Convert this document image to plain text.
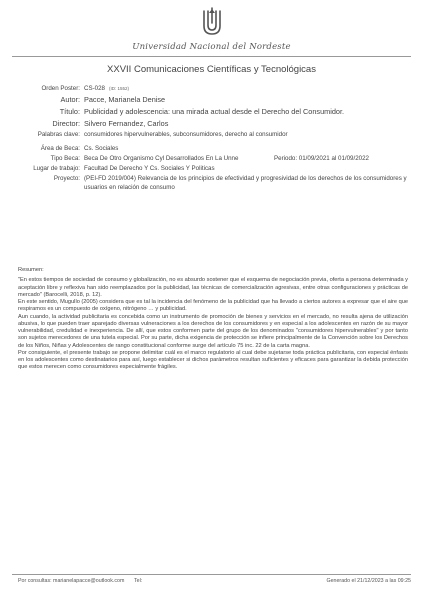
Universidad Nacional del Nordeste
XXVII Comunicaciones Científicas y Tecnológicas
Orden Poster: CS-028 (ID: 1552)
Autor: Pacce, Marianela Denise
Título: Publicidad y adolescencia: una mirada actual desde el Derecho del Consumidor.
Director: Silvero Fernandez, Carlos
Palabras clave: consumidores hipervulnerables, subconsumidores, derecho al consumidor
Área de Beca: Cs. Sociales
Tipo Beca: Beca De Otro Organismo Cyl Desarrollados En La Unne	Periodo: 01/09/2021 al 01/09/2022
Lugar de trabajo: Facultad De Derecho Y Cs. Sociales Y Politicas
Proyecto: (PEI-FD 2019/004) Relevancia de los principios de efectividad y progresividad de los derechos de los consumidores y usuarios en relación de consumo

Resumen:

"En estos tiempos de sociedad de consumo y globalización, no es absurdo sostener que el esquema de negociación previa, oferta a persona determinada y aceptación libre y reflexiva han sido reemplazados por la publicidad, las técnicas de comercialización agresivas, entre otras configuraciones y prácticas de mercado" (Barocelli, 2018, p. 12).

En este sentido, Mugullo (2005) considera que es tal la incidencia del fenómeno de la publicidad que ha llevado a ciertos autores a expresar que el aire que respiramos es un compuesto de oxígeno, nitrógeno … y publicidad.

Aun cuando, la actividad publicitaria es concebida como un instrumento de promoción de bienes y servicios en el mercado, no resulta ajena de utilización abusiva, lo que pueden traer aparejado diversas vulneraciones a los derechos de los consumidores y en especial a los adolescentes en razón de su mayor vulnerabilidad, credulidad e inexperiencia. De allí, que estos conformen parte del grupo de los denominados "consumidores hipervulnerables" y por tanto son sujetos merecedores de una tutela especial. Por su parte, dicha exigencia de protección se infiere principalmente de la Convención sobre los Derechos de los Niños, Niñas y Adolescentes de rango constitucional conforme surge del artículo 75 inc. 22 de la carta magna.

Por consiguiente, el presente trabajo se propone delimitar cuál es el marco regulatorio al cual debe sujetarse toda práctica publicitaria, con especial énfasis en los adolescentes como destinatarios para así, luego establecer si dichos parámetros resultan suficientes y eficaces para garantizar la debida protección que estos merecen como consumidores especialmente frágiles.

Por consultas: marianelapacce@outlook.com Tel:	Generado el 21/12/2023 a las 09:25
